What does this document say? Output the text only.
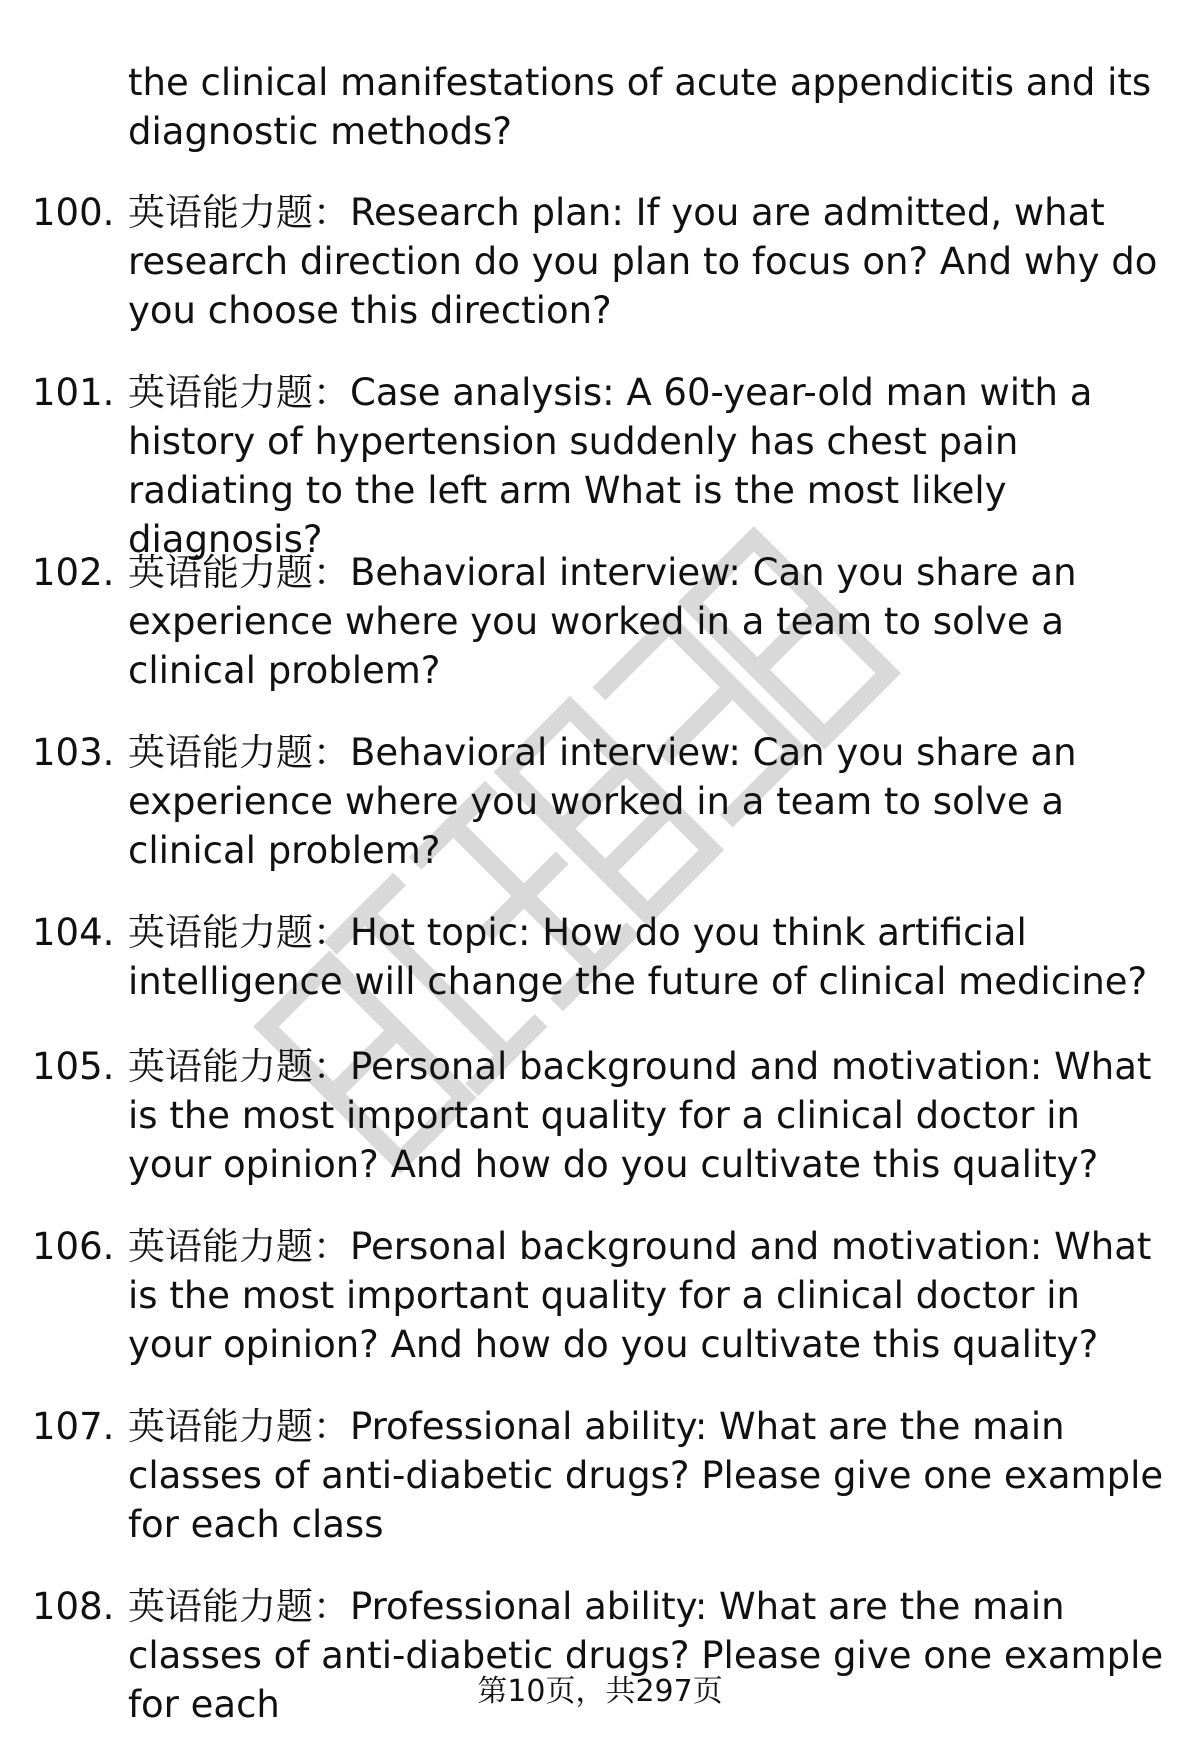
the clinical manifestations of acute appendicitis and its diagnostic methods?
100. 英语能力题：Research plan: If you are admitted, what research direction do you plan to focus on? And why do you choose this direction?
101. 英语能力题：Case analysis: A 60-year-old man with a history of hypertension suddenly has chest pain radiating to the left arm What is the most likely diagnosis?
102. 英语能力题：Behavioral interview: Can you share an experience where you worked in a team to solve a clinical problem?
103. 英语能力题：Behavioral interview: Can you share an experience where you worked in a team to solve a clinical problem?
104. 英语能力题：Hot topic: How do you think artificial intelligence will change the future of clinical medicine?
105. 英语能力题：Personal background and motivation: What is the most important quality for a clinical doctor in your opinion? And how do you cultivate this quality?
106. 英语能力题：Personal background and motivation: What is the most important quality for a clinical doctor in your opinion? And how do you cultivate this quality?
107. 英语能力题：Professional ability: What are the main classes of anti-diabetic drugs? Please give one example for each class
108. 英语能力题：Professional ability: What are the main classes of anti-diabetic drugs? Please give one example for each	第10页，共297页
